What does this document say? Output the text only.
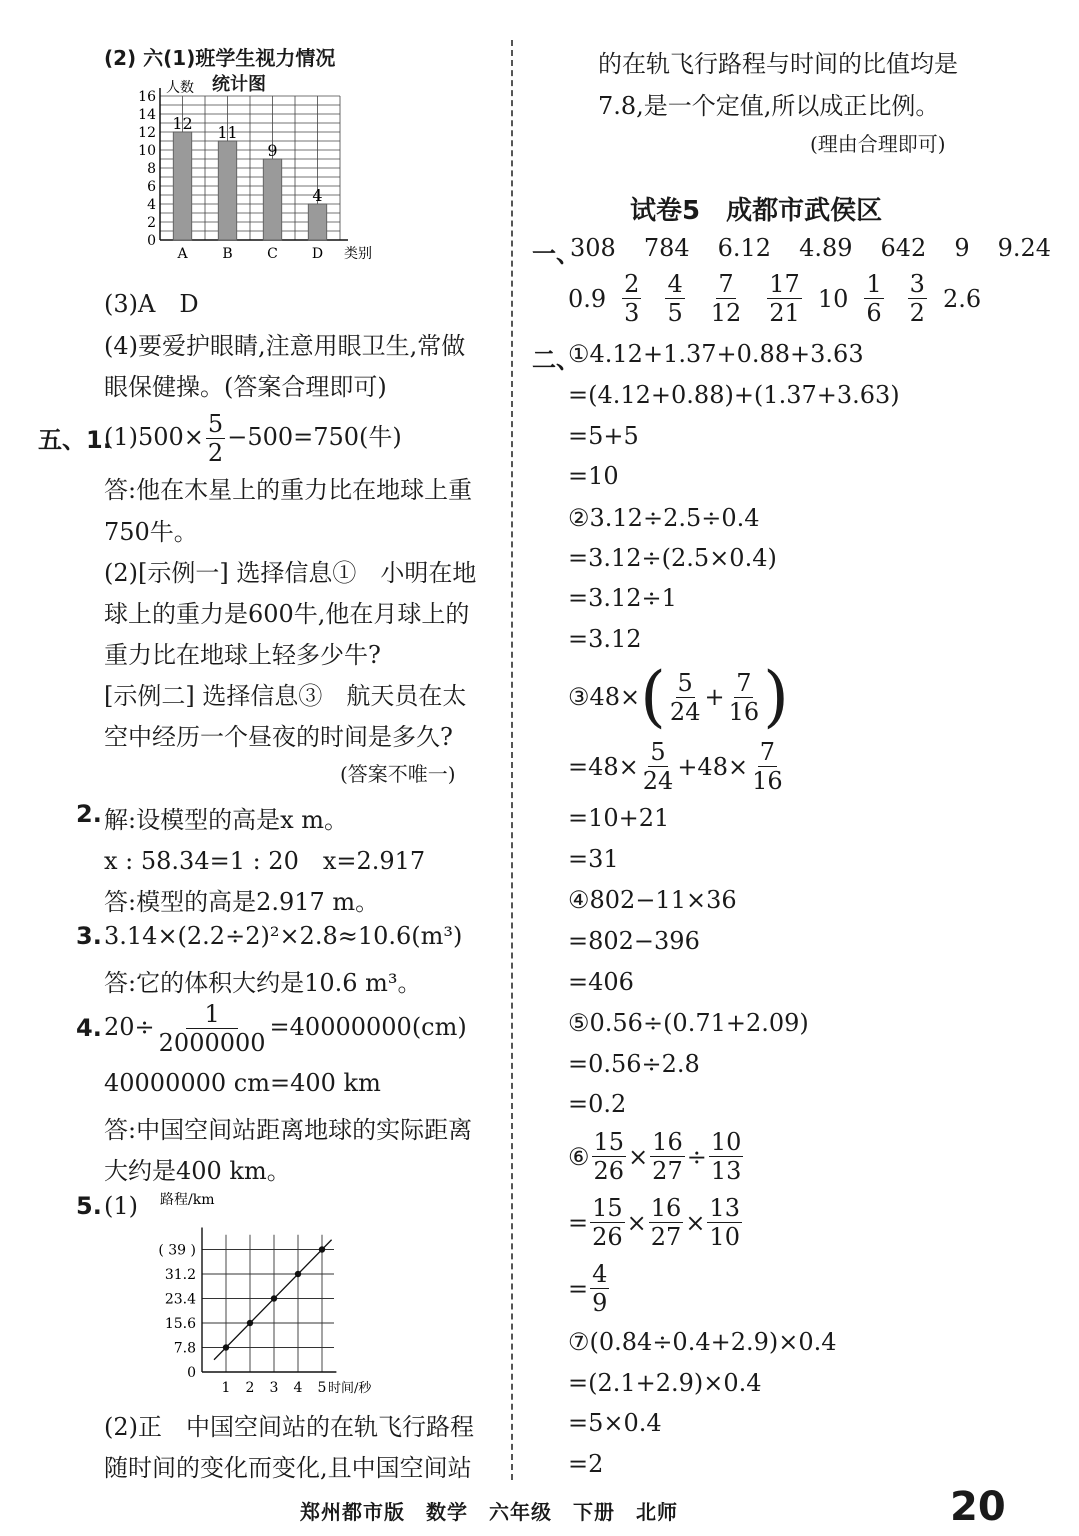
(2) 六(1)班学生视力情况
统计图
0
2
4
6
8
10
12
14
16
人数
类别
12
A
11
B
9
C
4
D
(3)A　D
(4)要爱护眼睛,注意用眼卫生,常做
眼保健操。(答案合理即可)
五、1.
$(1)500\times \frac{5}{2} -500=750$(牛)
答:他在木星上的重力比在地球上重
750牛。
(2)[示例一] 选择信息①　小明在地
球上的重力是600牛,他在月球上的
重力比在地球上轻多少牛?
[示例二] 选择信息③　航天员在太
空中经历一个昼夜的时间是多久?
(答案不唯一)
2. 解:设模型的高是x m。
x : 58.34=1 : 20　x=2.917
答:模型的高是2.917 m。
3. 3.14×(2.2÷2)²×2.8≈10.6(m³)
答:它的体积大约是10.6 m³。
4. $20\div \frac{1}{2000000} =40000000(cm)$
40000000 cm=400 km
答:中国空间站距离地球的实际距离
大约是400 km。
5. (1)
0
7.8
15.6
23.4
31.2
( 39 )
1 2 3 4 5
路程/km
时间/秒
(2)正　中国空间站的在轨飞行路程
随时间的变化而变化,且中国空间站
的在轨飞行路程与时间的比值均是
7.8,是一个定值,所以成正比例。
(理由合理即可)
试卷5　成都市武侯区
一、
308 784 6.12 4.89 642 9 9.24
$0.9 \frac{2}{3} \frac{4}{5} \frac{7}{12} \frac{17}{21} 10 \frac{1}{6} \frac{3}{2} 2.6$
二、
①4.12+1.37+0.88+3.63
=(4.12+0.88)+(1.37+3.63)
=5+5
=10
②3.12÷2.5÷0.4
=3.12÷(2.5×0.4)
=3.12÷1
=3.12
③48× ( $\frac{5}{24} + \frac{7}{16}$ )
$=48\times \frac{5}{24} +48\times \frac{7}{16}$
=10+21
=31
④802−11×36
=802−396
=406
⑤0.56÷(0.71+2.09)
=0.56÷2.8
=0.2
⑥ $\frac{15}{26} \times \frac{16}{27} \div \frac{10}{13}$
= $\frac{15}{26} \times \frac{16}{27} \times \frac{13}{10}$
= $\frac{4}{9}$
⑦(0.84÷0.4+2.9)×0.4
=(2.1+2.9)×0.4
=5×0.4
=2
郑州都市版　数学　六年级　下册　北师	20
